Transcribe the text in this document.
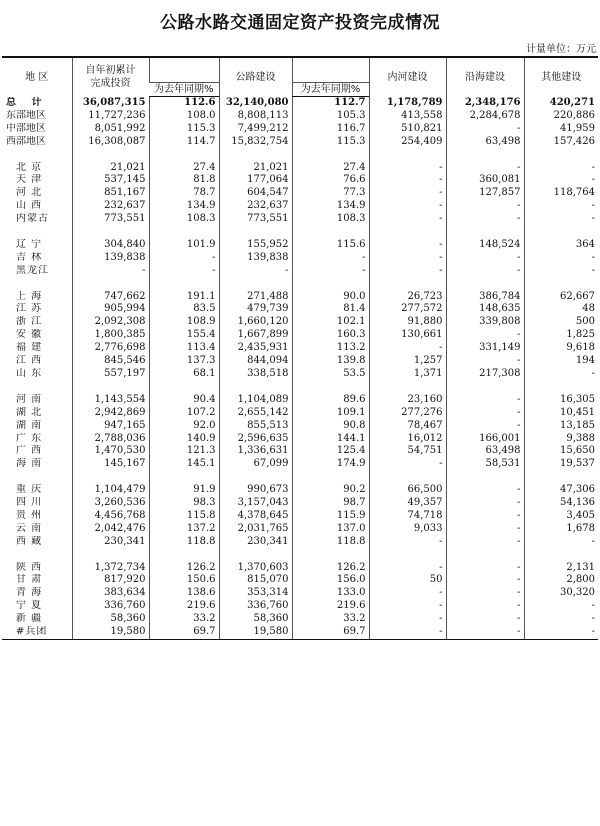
公路水路交通固定资产投资完成情况
计量单位：万元
地 区	自年初累计
完成投资		公路建设		内河建设	沿海建设	其他建设
		为去年同期%		为去年同期%			
总 计	36,087,315	112.6	32,140,080	112.7	1,178,789	2,348,176	420,271
东部地区	11,727,236	108.0	8,808,113	105.3	413,558	2,284,678	220,886
中部地区	8,051,992	115.3	7,499,212	116.7	510,821	-	41,959
西部地区	16,308,087	114.7	15,832,754	115.3	254,409	63,498	157,426

北 京	21,021	27.4	21,021	27.4	-	-	-
天 津	537,145	81.8	177,064	76.6	-	360,081	-
河 北	851,167	78.7	604,547	77.3	-	127,857	118,764
山 西	232,637	134.9	232,637	134.9	-	-	-
内蒙古	773,551	108.3	773,551	108.3	-	-	-

辽 宁	304,840	101.9	155,952	115.6	-	148,524	364
吉 林	139,838	-	139,838	-	-	-	-
黑龙江	-	-	-	-	-	-	-

上 海	747,662	191.1	271,488	90.0	26,723	386,784	62,667
江 苏	905,994	83.5	479,739	81.4	277,572	148,635	48
浙 江	2,092,308	108.9	1,660,120	102.1	91,880	339,808	500
安 徽	1,800,385	155.4	1,667,899	160.3	130,661	-	1,825
福 建	2,776,698	113.4	2,435,931	113.2	-	331,149	9,618
江 西	845,546	137.3	844,094	139.8	1,257	-	194
山 东	557,197	68.1	338,518	53.5	1,371	217,308	-

河 南	1,143,554	90.4	1,104,089	89.6	23,160	-	16,305
湖 北	2,942,869	107.2	2,655,142	109.1	277,276	-	10,451
湖 南	947,165	92.0	855,513	90.8	78,467	-	13,185
广 东	2,788,036	140.9	2,596,635	144.1	16,012	166,001	9,388
广 西	1,470,530	121.3	1,336,631	125.4	54,751	63,498	15,650
海 南	145,167	145.1	67,099	174.9	-	58,531	19,537

重 庆	1,104,479	91.9	990,673	90.2	66,500	-	47,306
四 川	3,260,536	98.3	3,157,043	98.7	49,357	-	54,136
贵 州	4,456,768	115.8	4,378,645	115.9	74,718	-	3,405
云 南	2,042,476	137.2	2,031,765	137.0	9,033	-	1,678
西 藏	230,341	118.8	230,341	118.8	-	-	-

陕 西	1,372,734	126.2	1,370,603	126.2	-	-	2,131
甘 肃	817,920	150.6	815,070	156.0	50	-	2,800
青 海	383,634	138.6	353,314	133.0	-	-	30,320
宁 夏	336,760	219.6	336,760	219.6	-	-	-
新 疆	58,360	33.2	58,360	33.2	-	-	-
#兵团	19,580	69.7	19,580	69.7	-	-	-
